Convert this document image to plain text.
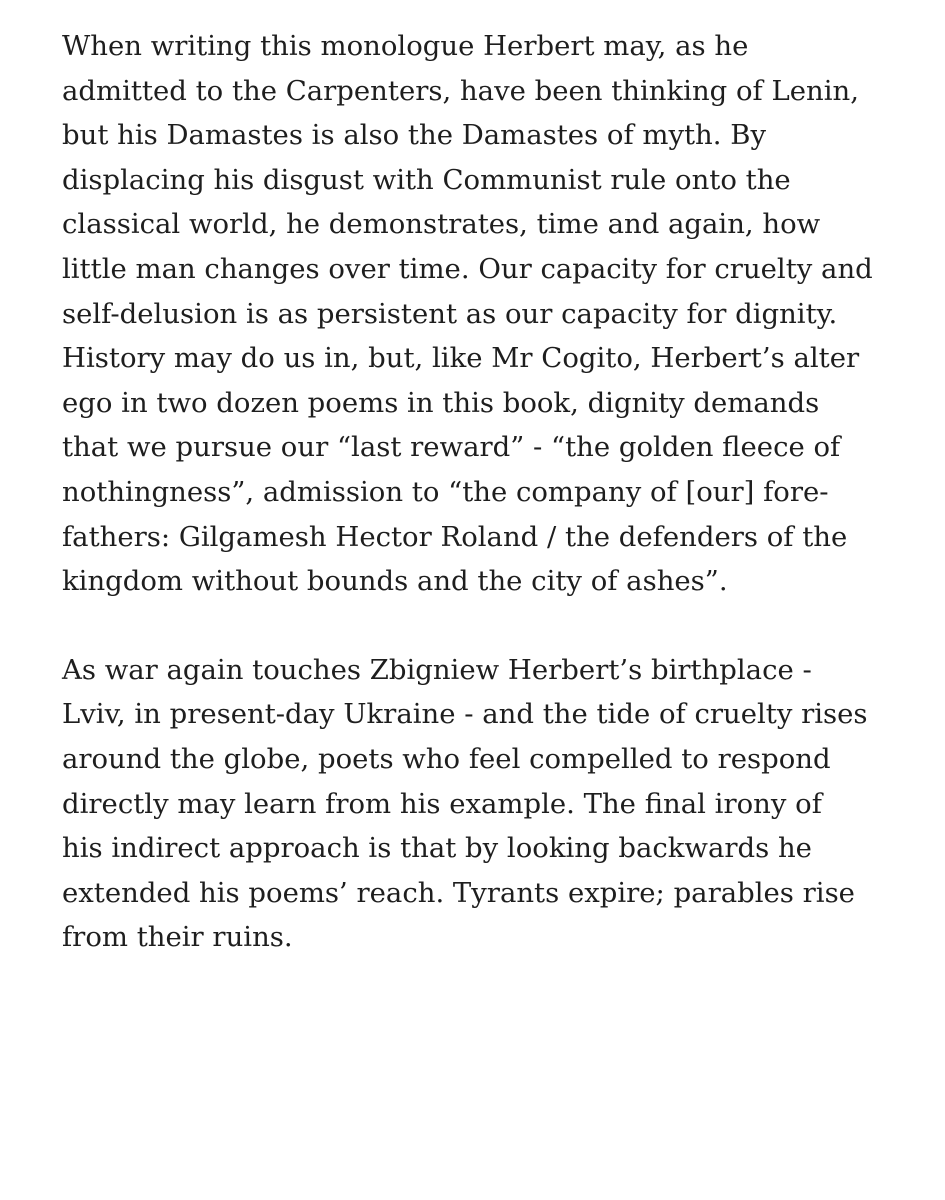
When writing this monologue Herbert may, as he
admitted to the Carpenters, have been thinking of Lenin,
but his Damastes is also the Damastes of myth. By
displacing his disgust with Communist rule onto the
classical world, he demonstrates, time and again, how
little man changes over time. Our capacity for cruelty and
self-delusion is as persistent as our capacity for dignity.
History may do us in, but, like Mr Cogito, Herbert’s alter
ego in two dozen poems in this book, dignity demands
that we pursue our “last reward” - “the golden fleece of
nothingness”, admission to “the company of [our] fore-
fathers: Gilgamesh Hector Roland / the defenders of the
kingdom without bounds and the city of ashes”.

As war again touches Zbigniew Herbert’s birthplace -
Lviv, in present-day Ukraine - and the tide of cruelty rises
around the globe, poets who feel compelled to respond
directly may learn from his example. The final irony of
his indirect approach is that by looking backwards he
extended his poems’ reach. Tyrants expire; parables rise
from their ruins.
